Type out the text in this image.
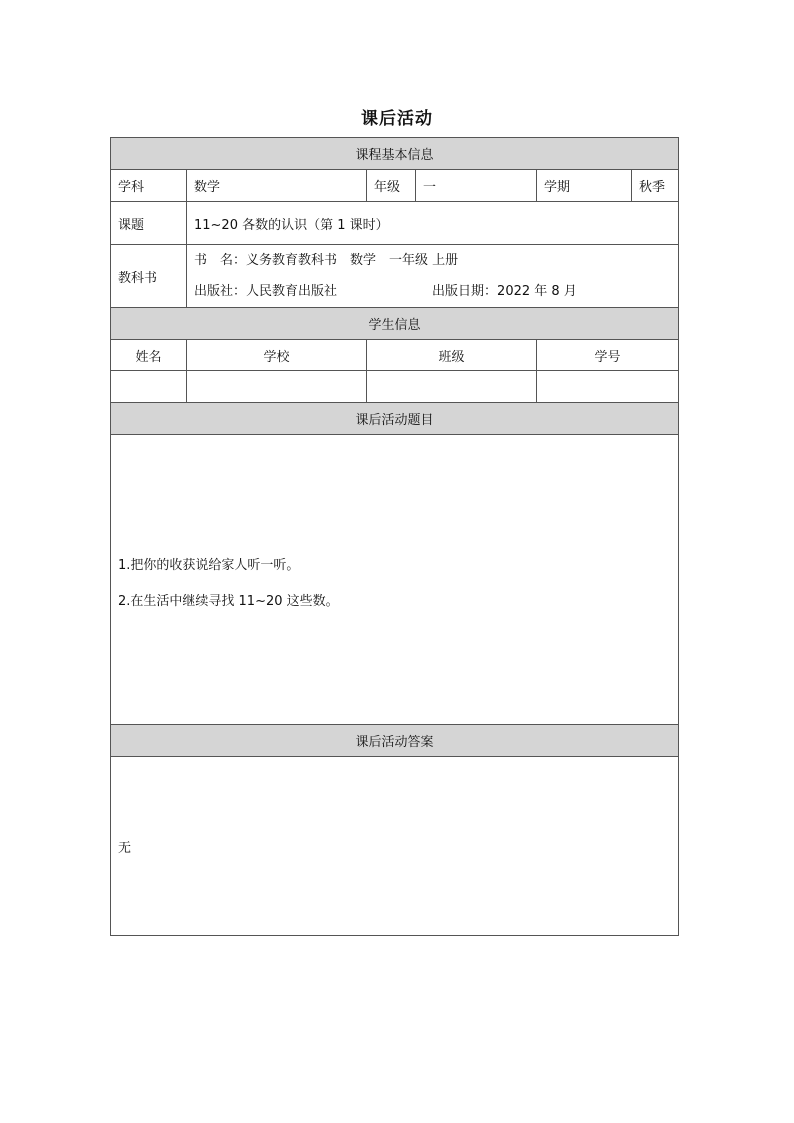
课后活动
课程基本信息					
学科	数学	年级	一	学期	秋季
课题	11~20 各数的认识（第 1 课时）				
教科书	书　名：义务教育教科书　数学　一年级 上册
出版社：人民教育出版社 出版日期：2022 年 8 月				

学生信息					
姓名	学校	班级		学号	

课后活动题目					

1.把你的收获说给家人听一听。
2.在生活中继续寻找 11~20 这些数。					

课后活动答案					
无					
